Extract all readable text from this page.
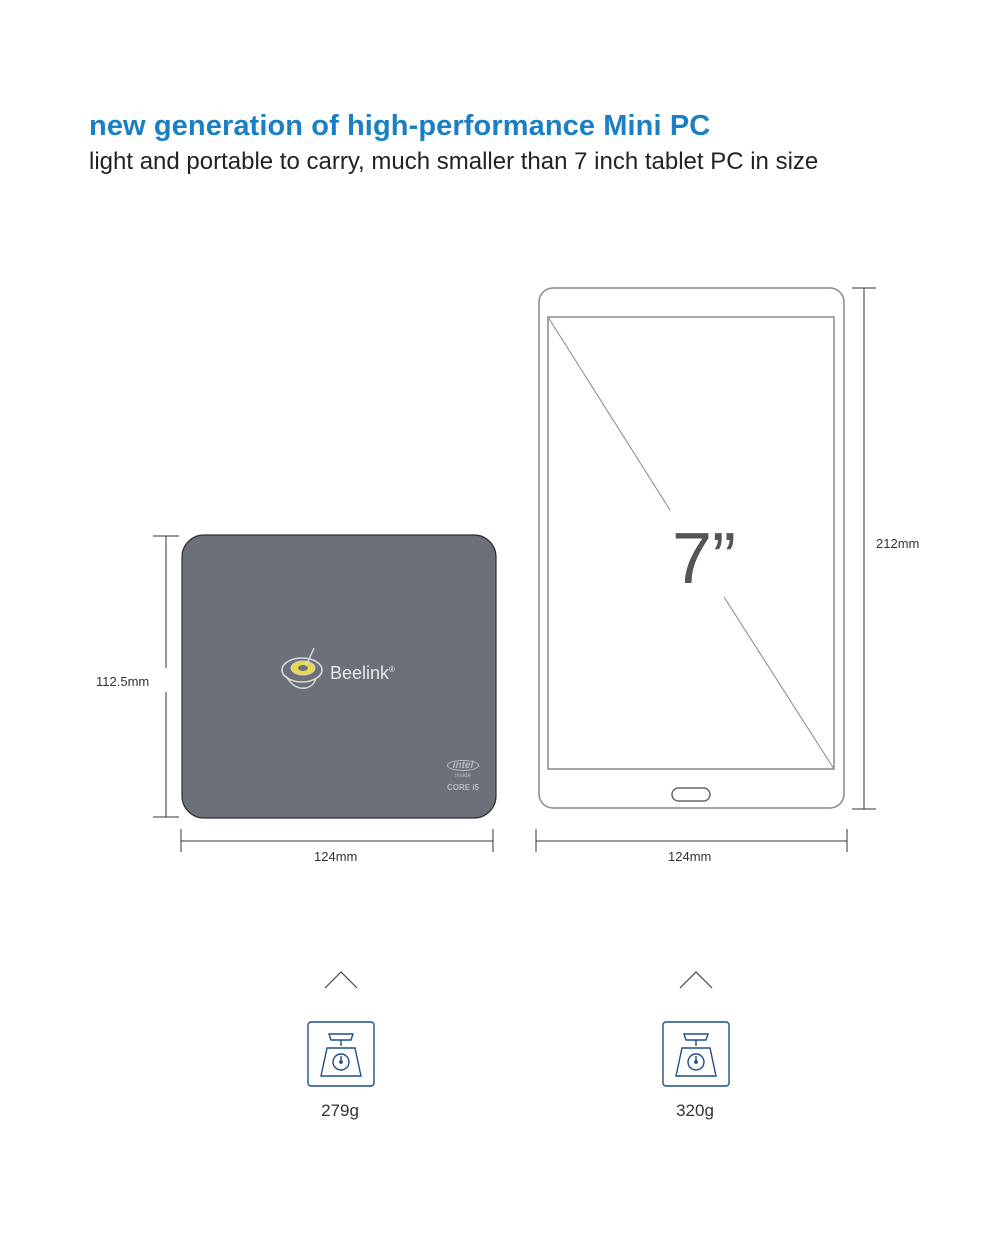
new generation of high-performance Mini PC
light and portable to carry, much smaller than 7 inch tablet PC in size
Beelink®
intel
inside
CORE i5
7”
112.5mm
124mm
212mm
124mm
279g	320g
